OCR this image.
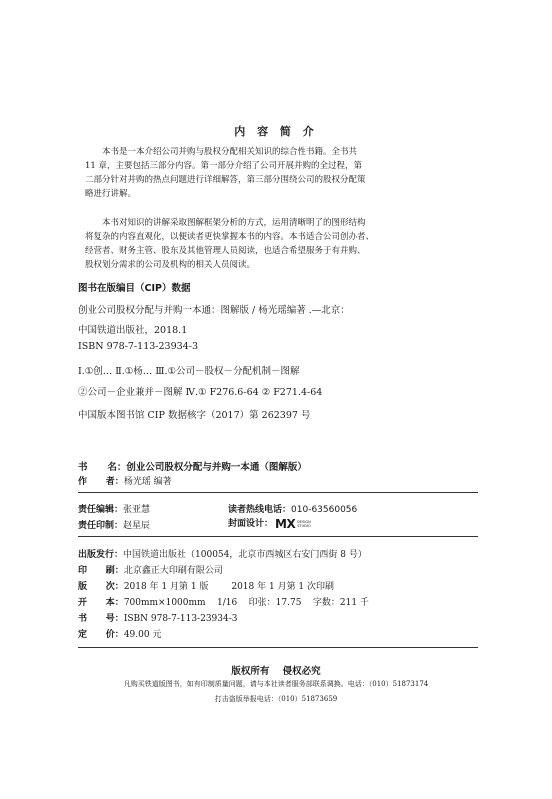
内 容 简 介
本书是一本介绍公司并购与股权分配相关知识的综合性书籍。全书共
11 章，主要包括三部分内容。第一部分介绍了公司开展并购的全过程，第
二部分针对并购的热点问题进行详细解答，第三部分围绕公司的股权分配策
略进行讲解。
本书对知识的讲解采取图解框架分析的方式，运用清晰明了的图形结构
将复杂的内容直观化，以便读者更快掌握本书的内容。本书适合公司创办者、
经营者、财务主管、股东及其他管理人员阅读，也适合希望服务于有并购、
股权划分需求的公司及机构的相关人员阅读。
图书在版编目（CIP）数据
创业公司股权分配与并购一本通：图解版 / 杨光瑶编著 .—北京：
中国铁道出版社，2018.1
ISBN 978-7-113-23934-3
Ⅰ.①创… Ⅱ.①杨… Ⅲ.①公司－股权－分配机制－图解
②公司－企业兼并－图解 Ⅳ.① F276.6-64 ② F271.4-64
中国版本图书馆 CIP 数据核字（2017）第 262397 号
书      名：创业公司股权分配与并购一本通（图解版）
作      者：杨光瑶 编著
责任编辑：张亚慧	读者热线电话：010-63560056
责任印制：赵星辰	封面设计： MX DESIGN
STUDIO
出版发行：中国铁道出版社（100054，北京市西城区右安门西街 8 号）
印      刷：北京鑫正大印刷有限公司
版      次：2018 年 1 月第 1 版        2018 年 1 月第 1 次印刷
开      本：700mm×1000mm    1/16    印张：17.75    字数：211 千
书      号：ISBN 978-7-113-23934-3
定      价：49.00 元
版权所有    侵权必究
凡购买铁道版图书，如有印制质量问题，请与本社读者服务部联系调换。电话：（010）51873174
打击盗版举报电话：（010）51873659
